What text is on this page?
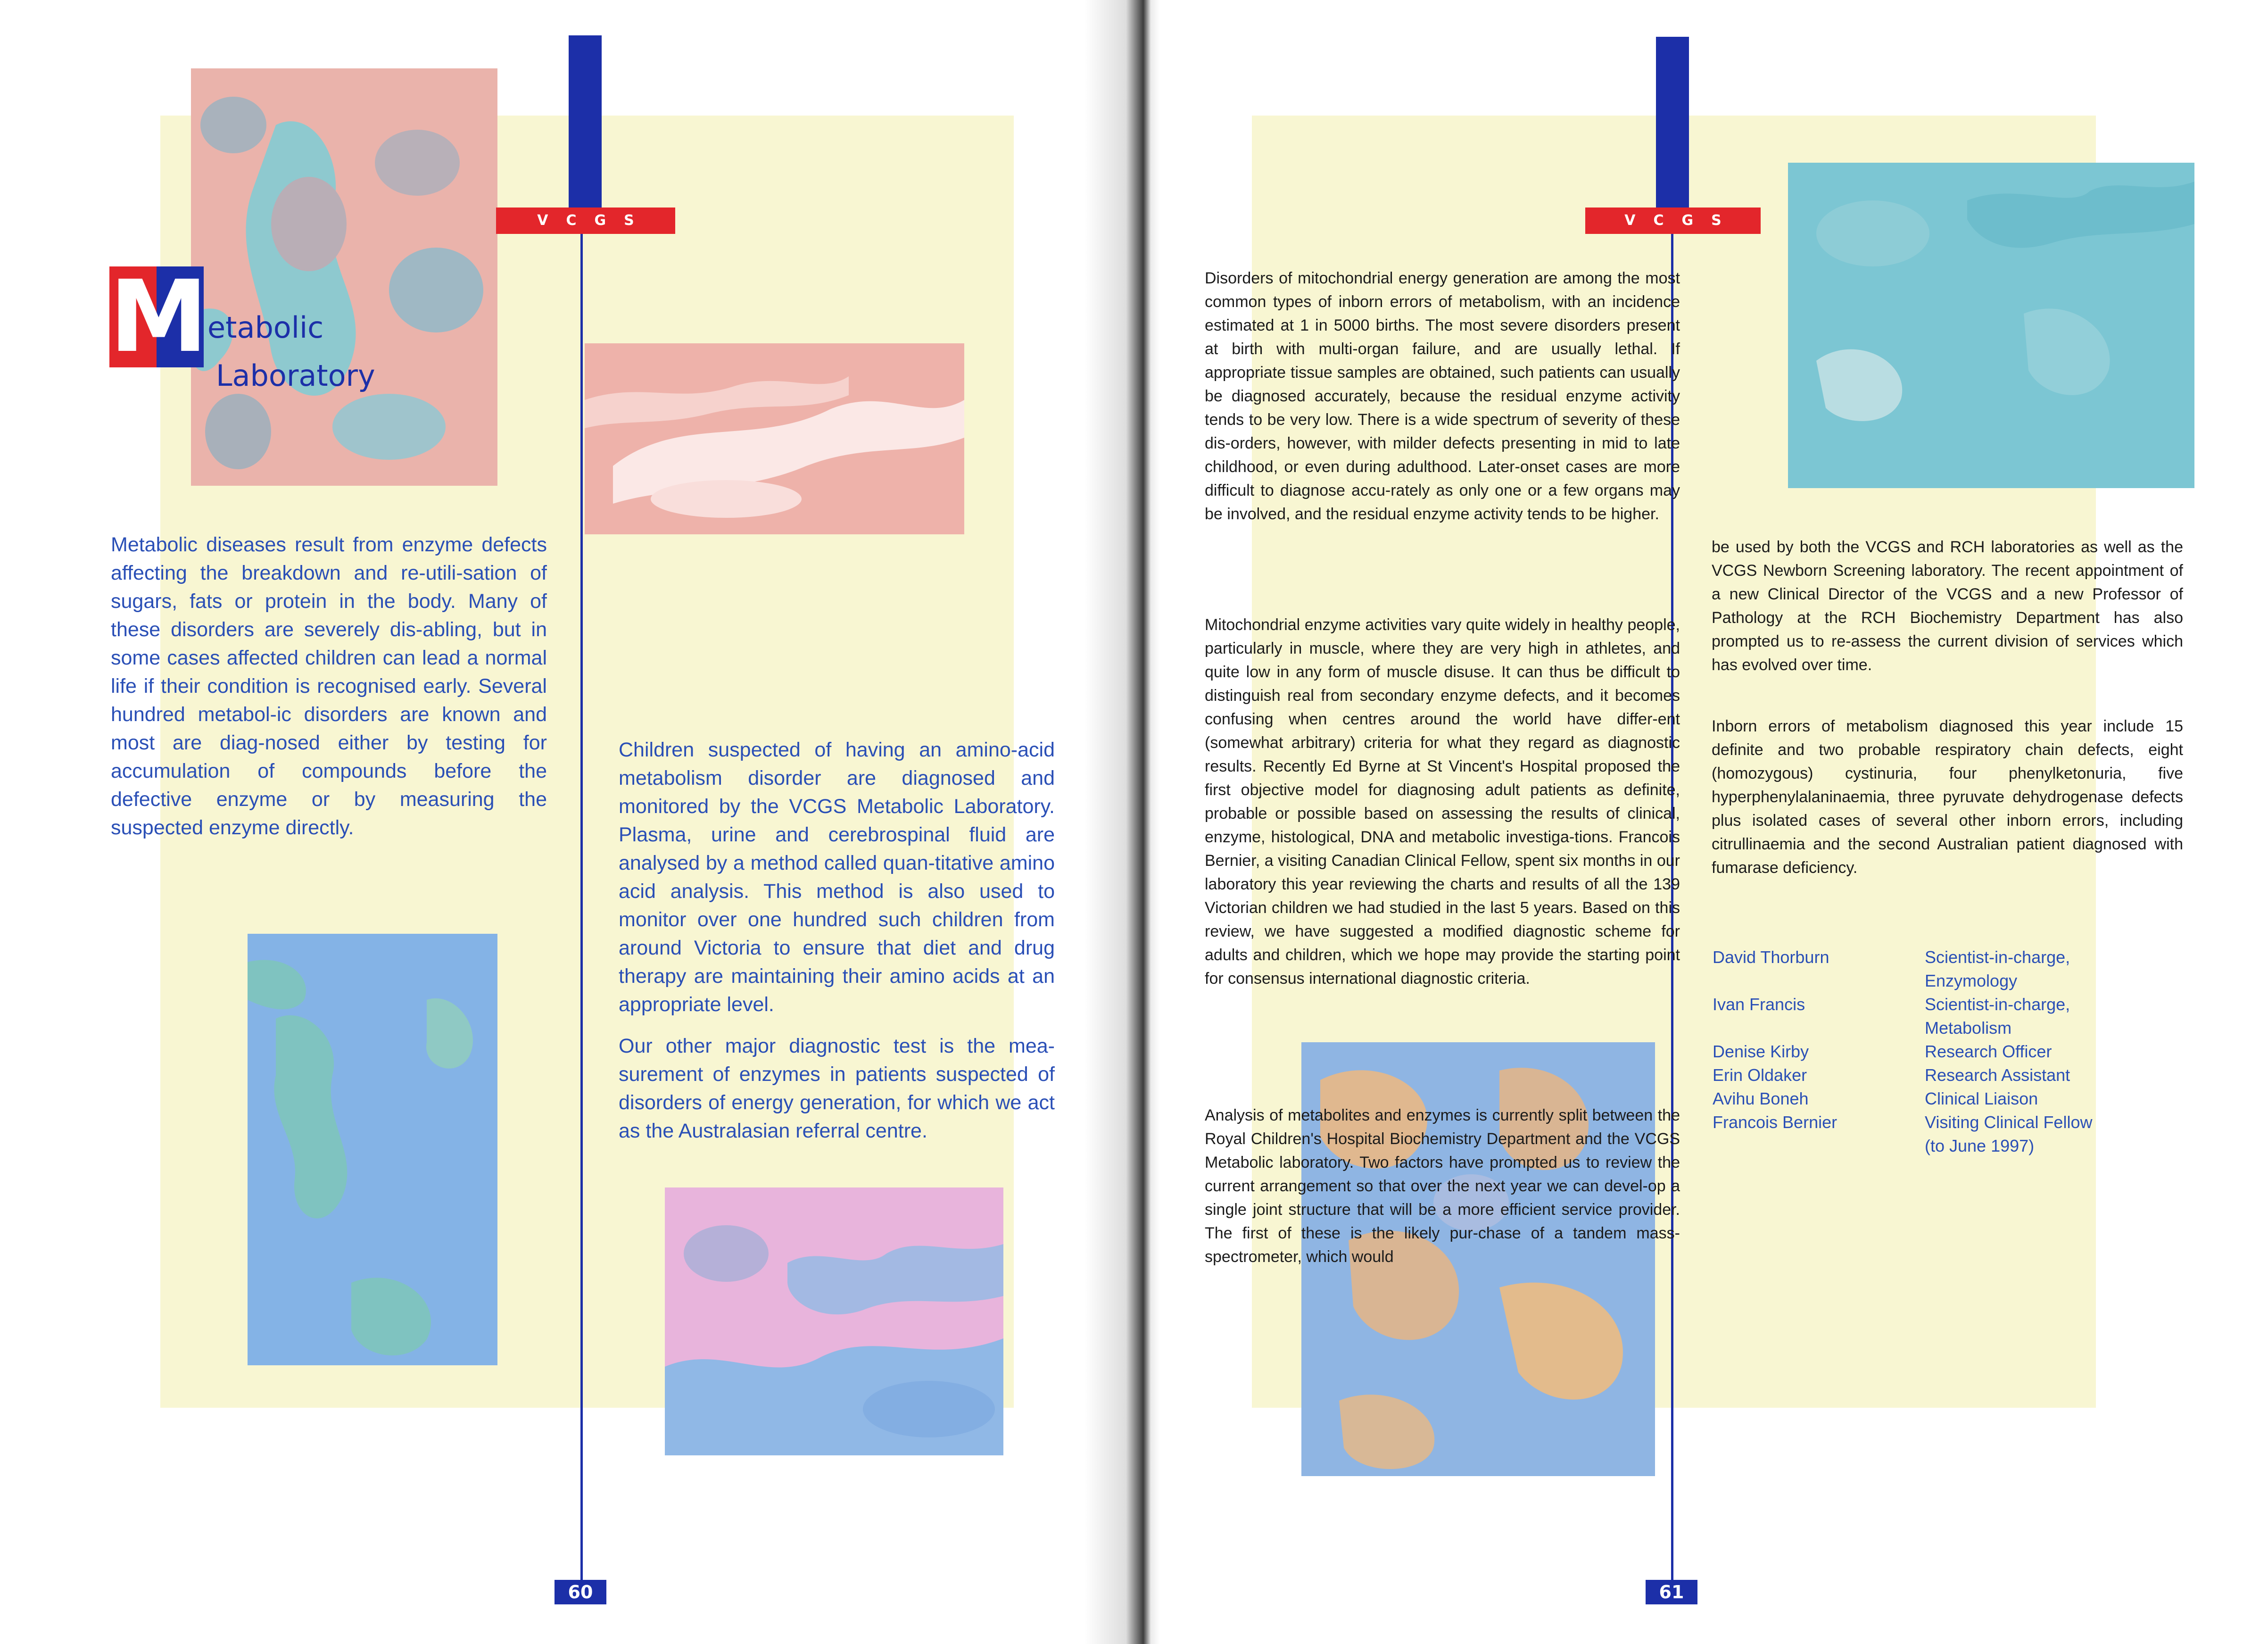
M etabolic
Laboratory
VCGS

Metabolic diseases result from enzyme defects affecting the breakdown and re-utili-sation of sugars, fats or protein in the body. Many of these disorders are severely dis-abling, but in some cases affected children can lead a normal life if their condition is recognised early. Several hundred metabol-ic disorders are known and most are diag-nosed either by testing for accumulation of compounds before the defective enzyme or by measuring the suspected enzyme directly.

Children suspected of having an amino-acid metabolism disorder are diagnosed and monitored by the VCGS Metabolic Laboratory. Plasma, urine and cerebrospinal fluid are analysed by a method called quan-titative amino acid analysis. This method is also used to monitor over one hundred such children from around Victoria to ensure that diet and drug therapy are maintaining their amino acids at an appropriate level.

Our other major diagnostic test is the mea-surement of enzymes in patients suspected of disorders of energy generation, for which we act as the Australasian referral centre.

60
VCGS

Disorders of mitochondrial energy generation are among the most common types of inborn errors of metabolism, with an incidence estimated at 1 in 5000 births. The most severe disorders present at birth with multi-organ failure, and are usually lethal. If appropriate tissue samples are obtained, such patients can usually be diagnosed accurately, because the residual enzyme activity tends to be very low. There is a wide spectrum of severity of these dis-orders, however, with milder defects presenting in mid to late childhood, or even during adulthood. Later-onset cases are more difficult to diagnose accu-rately as only one or a few organs may be involved, and the residual enzyme activity tends to be higher.

Mitochondrial enzyme activities vary quite widely in healthy people, particularly in muscle, where they are very high in athletes, and quite low in any form of muscle disuse. It can thus be difficult to distinguish real from secondary enzyme defects, and it becomes confusing when centres around the world have differ-ent (somewhat arbitrary) criteria for what they regard as diagnostic results. Recently Ed Byrne at St Vincent's Hospital proposed the first objective model for diagnosing adult patients as definite, probable or possible based on assessing the results of clinical, enzyme, histological, DNA and metabolic investiga-tions. Francois Bernier, a visiting Canadian Clinical Fellow, spent six months in our laboratory this year reviewing the charts and results of all the 139 Victorian children we had studied in the last 5 years. Based on this review, we have suggested a modified diagnostic scheme for adults and children, which we hope may provide the starting point for consensus international diagnostic criteria.

Analysis of metabolites and enzymes is currently split between the Royal Children's Hospital Biochemistry Department and the VCGS Metabolic laboratory. Two factors have prompted us to review the current arrangement so that over the next year we can devel-op a single joint structure that will be a more efficient service provider. The first of these is the likely pur-chase of a tandem mass-spectrometer, which would

be used by both the VCGS and RCH laboratories as well as the VCGS Newborn Screening laboratory. The recent appointment of a new Clinical Director of the VCGS and a new Professor of Pathology at the RCH Biochemistry Department has also prompted us to re-assess the current division of services which has evolved over time.

Inborn errors of metabolism diagnosed this year include 15 definite and two probable respiratory chain defects, eight (homozygous) cystinuria, four phenylketonuria, five hyperphenylalaninaemia, three pyruvate dehydrogenase defects plus isolated cases of several other inborn errors, including citrullinaemia and the second Australian patient diagnosed with fumarase deficiency.

David Thorburn	Scientist-in-charge,
Enzymology
Ivan Francis	Scientist-in-charge,
Metabolism
Denise Kirby	Research Officer
Erin Oldaker	Research Assistant
Avihu Boneh	Clinical Liaison
Francois Bernier	Visiting Clinical Fellow
(to June 1997)
61
